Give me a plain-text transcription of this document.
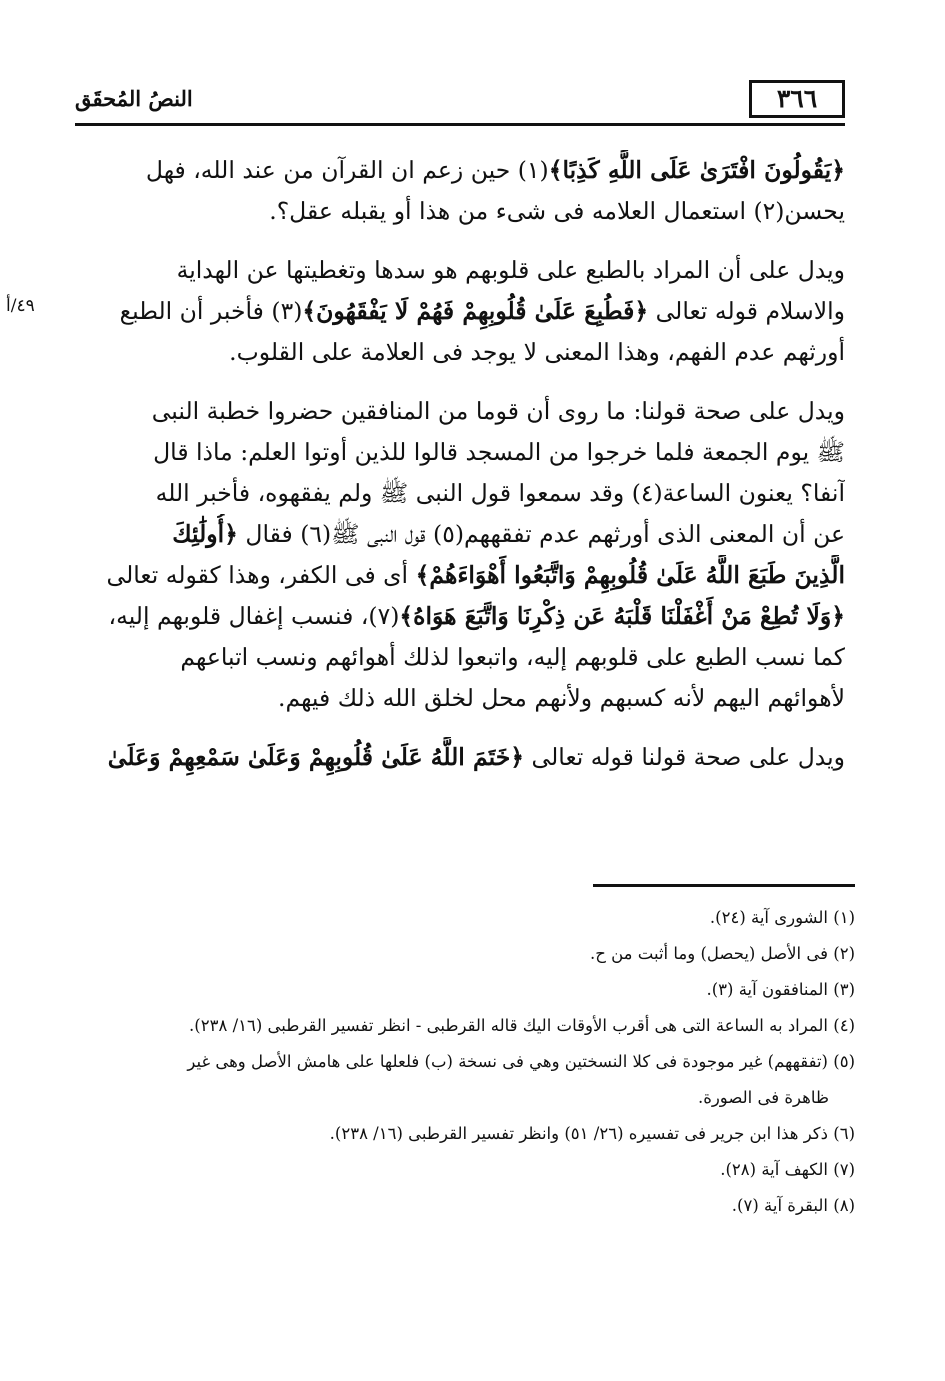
٣٦٦
النصُ المُحقَق
٤٩/أ
﴿يَقُولُونَ افْتَرَىٰ عَلَى اللَّهِ كَذِبًا﴾(١) حين زعم ان القرآن من عند الله، فهل
يحسن(٢) استعمال العلامه فى شىء من هذا أو يقبله عقل؟.
ويدل على أن المراد بالطبع على قلوبهم هو سدها وتغطيتها عن الهداية
والاسلام قوله تعالى ﴿فَطُبِعَ عَلَىٰ قُلُوبِهِمْ فَهُمْ لَا يَفْقَهُونَ﴾(٣) فأخبر أن الطبع
أورثهم عدم الفهم، وهذا المعنى لا يوجد فى العلامة على القلوب.
ويدل على صحة قولنا: ما روى أن قوما من المنافقين حضروا خطبة النبى
ﷺ يوم الجمعة فلما خرجوا من المسجد قالوا للذين أوتوا العلم: ماذا قال
آنفا؟ يعنون الساعة(٤) وقد سمعوا قول النبى ﷺ ولم يفقهوه، فأخبر الله
عن أن المعنى الذى أورثهم عدم تفقههم(٥) قول النبى ﷺ(٦) فقال ﴿أُولَٰئِكَ
الَّذِينَ طَبَعَ اللَّهُ عَلَىٰ قُلُوبِهِمْ وَاتَّبَعُوا أَهْوَاءَهُمْ﴾ أى فى الكفر، وهذا كقوله تعالى
﴿وَلَا تُطِعْ مَنْ أَغْفَلْنَا قَلْبَهُ عَن ذِكْرِنَا وَاتَّبَعَ هَوَاهُ﴾(٧)، فنسب إغفال قلوبهم إليه،
كما نسب الطبع على قلوبهم إليه، واتبعوا لذلك أهوائهم ونسب اتباعهم
لأهوائهم اليهم لأنه كسبهم ولأنهم محل لخلق الله ذلك فيهم.
ويدل على صحة قولنا قوله تعالى ﴿خَتَمَ اللَّهُ عَلَىٰ قُلُوبِهِمْ وَعَلَىٰ سَمْعِهِمْ وَعَلَىٰ
(١) الشورى آية (٢٤).
(٢) فى الأصل (يحصل) وما أثبت من ح.
(٣) المنافقون آية (٣).
(٤) المراد به الساعة التى هى أقرب الأوقات اليك قاله القرطبى - انظر تفسير القرطبى (١٦/ ٢٣٨).
(٥) (تفقههم) غير موجودة فى كلا النسختين وهي فى نسخة (ب) فلعلها على هامش الأصل وهى غير
ظاهرة فى الصورة.
(٦) ذكر هذا ابن جرير فى تفسيره (٢٦/ ٥١) وانظر تفسير القرطبى (١٦/ ٢٣٨).
(٧) الكهف آية (٢٨).
(٨) البقرة آية (٧).
